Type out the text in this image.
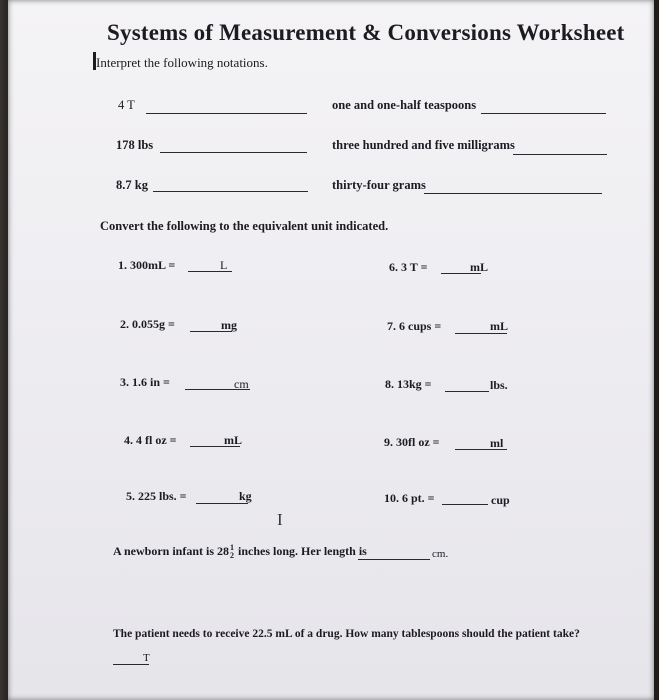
Systems of Measurement & Conversions Worksheet
Interpret the following notations.
4 T	one and one-half teaspoons
178 lbs	three hundred and five milligrams
8.7 kg	thirty-four grams
Convert the following to the equivalent unit indicated.
1. 300mL =	L	6. 3 T =	mL
2. 0.055g =	mg	7. 6 cups =	mL
3. 1.6 in =	cm	8. 13kg =	lbs.
4. 4 fl oz =	mL	9. 30fl oz =	ml
5. 225 lbs. =	kg	10. 6 pt. =	cup
I
A newborn infant is 28 1
2 inches long. Her length is	cm.
The patient needs to receive 22.5 mL of a drug. How many tablespoons should the patient take?
T
